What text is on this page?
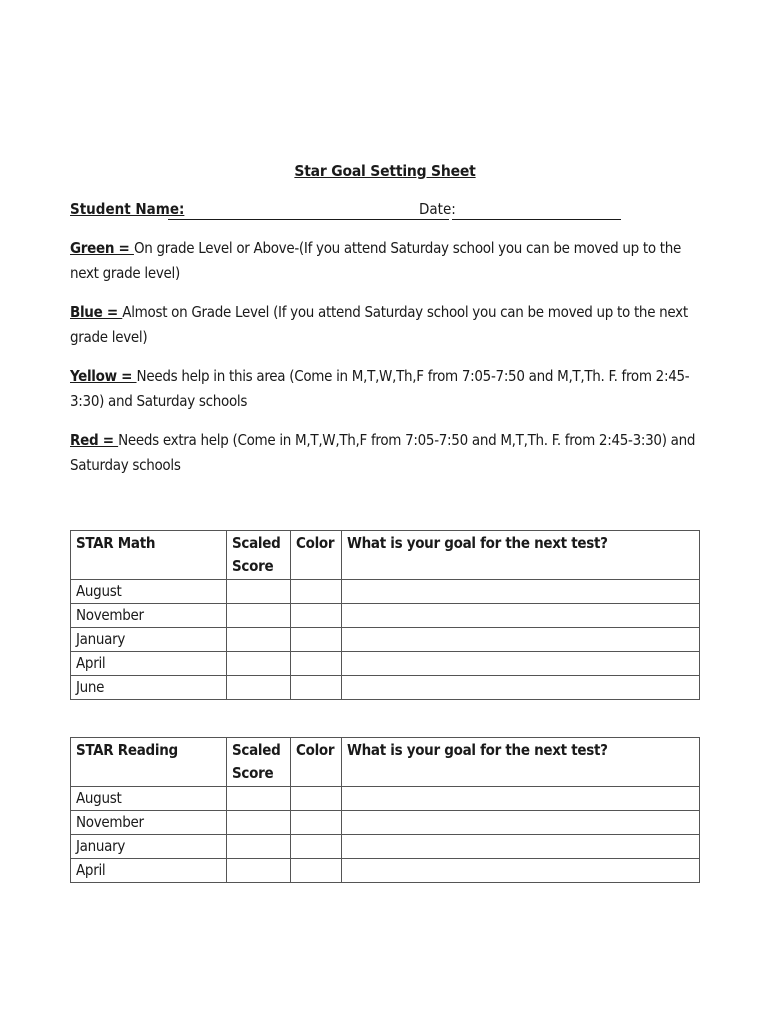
Star Goal Setting Sheet
Student Name:	Date:
Green = On grade Level or Above-(If you attend Saturday school you can be moved up to the next grade level)
Blue = Almost on Grade Level (If you attend Saturday school you can be moved up to the next grade level)
Yellow = Needs help in this area (Come in M,T,W,Th,F from 7:05-7:50 and M,T,Th. F. from 2:45-3:30) and Saturday schools
Red = Needs extra help (Come in M,T,W,Th,F from 7:05-7:50 and M,T,Th. F. from 2:45-3:30) and Saturday schools
STAR Math	Scaled Score	Color	What is your goal for the next test?
August			
November			
January			
April			
June			
STAR Reading	Scaled Score	Color	What is your goal for the next test?
August			
November			
January			
April			
